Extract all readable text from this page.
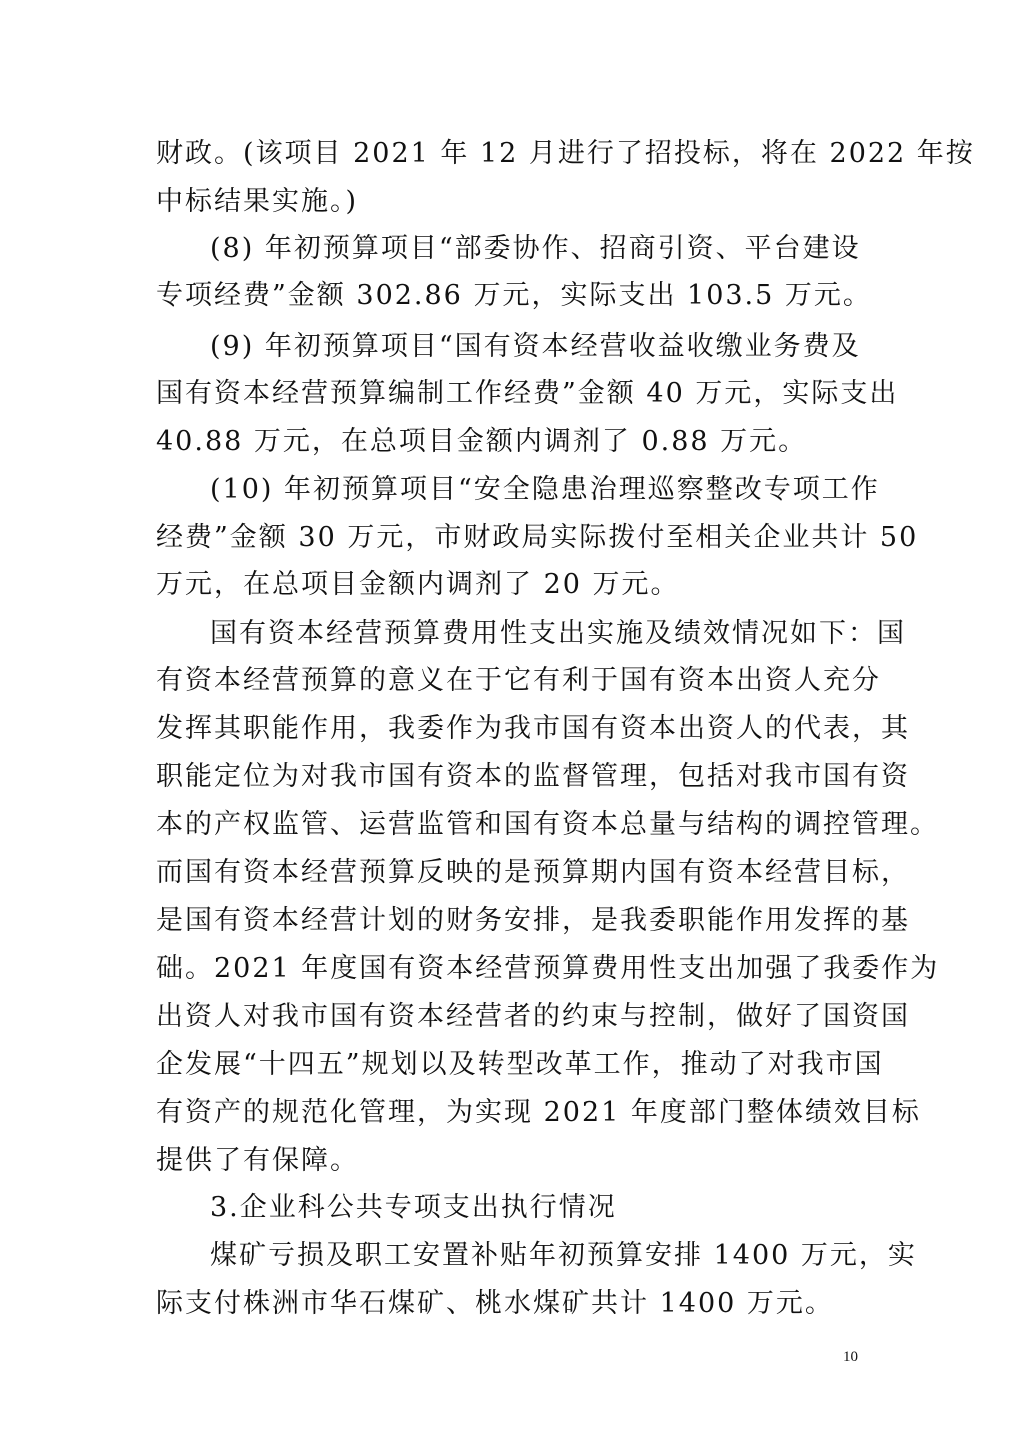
财政。(该项目 2021 年 12 月进行了招投标，将在 2022 年按
中标结果实施。)
(8) 年初预算项目“部委协作、招商引资、平台建设
专项经费”金额 302.86 万元，实际支出 103.5 万元。
(9) 年初预算项目“国有资本经营收益收缴业务费及
国有资本经营预算编制工作经费”金额 40 万元，实际支出
40.88 万元，在总项目金额内调剂了 0.88 万元。
(10) 年初预算项目“安全隐患治理巡察整改专项工作
经费”金额 30 万元，市财政局实际拨付至相关企业共计 50
万元，在总项目金额内调剂了 20 万元。
国有资本经营预算费用性支出实施及绩效情况如下：国
有资本经营预算的意义在于它有利于国有资本出资人充分
发挥其职能作用，我委作为我市国有资本出资人的代表，其
职能定位为对我市国有资本的监督管理，包括对我市国有资
本的产权监管、运营监管和国有资本总量与结构的调控管理。
而国有资本经营预算反映的是预算期内国有资本经营目标，
是国有资本经营计划的财务安排，是我委职能作用发挥的基
础。2021 年度国有资本经营预算费用性支出加强了我委作为
出资人对我市国有资本经营者的约束与控制，做好了国资国
企发展“十四五”规划以及转型改革工作，推动了对我市国
有资产的规范化管理，为实现 2021 年度部门整体绩效目标
提供了有保障。
3.企业科公共专项支出执行情况
煤矿亏损及职工安置补贴年初预算安排 1400 万元，实
际支付株洲市华石煤矿、桃水煤矿共计 1400 万元。
10
